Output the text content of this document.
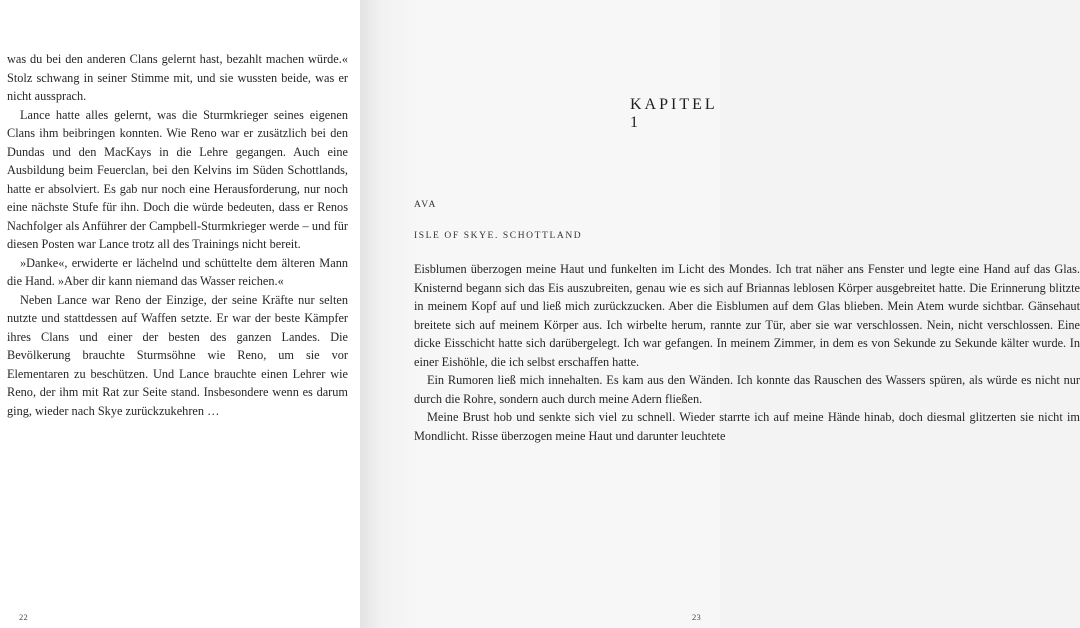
was du bei den anderen Clans gelernt hast, bezahlt machen würde.« Stolz schwang in seiner Stimme mit, und sie wussten beide, was er nicht aussprach.

Lance hatte alles gelernt, was die Sturmkrieger seines eigenen Clans ihm beibringen konnten. Wie Reno war er zusätzlich bei den Dundas und den MacKays in die Lehre gegangen. Auch eine Ausbildung beim Feuerclan, bei den Kelvins im Süden Schottlands, hatte er absolviert. Es gab nur noch eine Herausforderung, nur noch eine nächste Stufe für ihn. Doch die würde bedeuten, dass er Renos Nachfolger als Anführer der Campbell-Sturmkrieger werde – und für diesen Posten war Lance trotz all des Trainings nicht bereit.

»Danke«, erwiderte er lächelnd und schüttelte dem älteren Mann die Hand. »Aber dir kann niemand das Wasser reichen.«

Neben Lance war Reno der Einzige, der seine Kräfte nur selten nutzte und stattdessen auf Waffen setzte. Er war der beste Kämpfer ihres Clans und einer der besten des ganzen Landes. Die Bevölkerung brauchte Sturmsöhne wie Reno, um sie vor Elementaren zu beschützen. Und Lance brauchte einen Lehrer wie Reno, der ihm mit Rat zur Seite stand. Insbesondere wenn es darum ging, wieder nach Skye zurückzukehren …

22
KAPITEL 1
AVA
ISLE OF SKYE. SCHOTTLAND

Eisblumen überzogen meine Haut und funkelten im Licht des Mondes. Ich trat näher ans Fenster und legte eine Hand auf das Glas. Knisternd begann sich das Eis auszubreiten, genau wie es sich auf Briannas leblosen Körper ausgebreitet hatte. Die Erinnerung blitzte in meinem Kopf auf und ließ mich zurückzucken. Aber die Eisblumen auf dem Glas blieben. Mein Atem wurde sichtbar. Gänsehaut breitete sich auf meinem Körper aus. Ich wirbelte herum, rannte zur Tür, aber sie war verschlossen. Nein, nicht verschlossen. Eine dicke Eisschicht hatte sich darübergelegt. Ich war gefangen. In meinem Zimmer, in dem es von Sekunde zu Sekunde kälter wurde. In einer Eishöhle, die ich selbst erschaffen hatte.

Ein Rumoren ließ mich innehalten. Es kam aus den Wänden. Ich konnte das Rauschen des Wassers spüren, als würde es nicht nur durch die Rohre, sondern auch durch meine Adern fließen.

Meine Brust hob und senkte sich viel zu schnell. Wieder starrte ich auf meine Hände hinab, doch diesmal glitzerten sie nicht im Mondlicht. Risse überzogen meine Haut und darunter leuchtete

23
